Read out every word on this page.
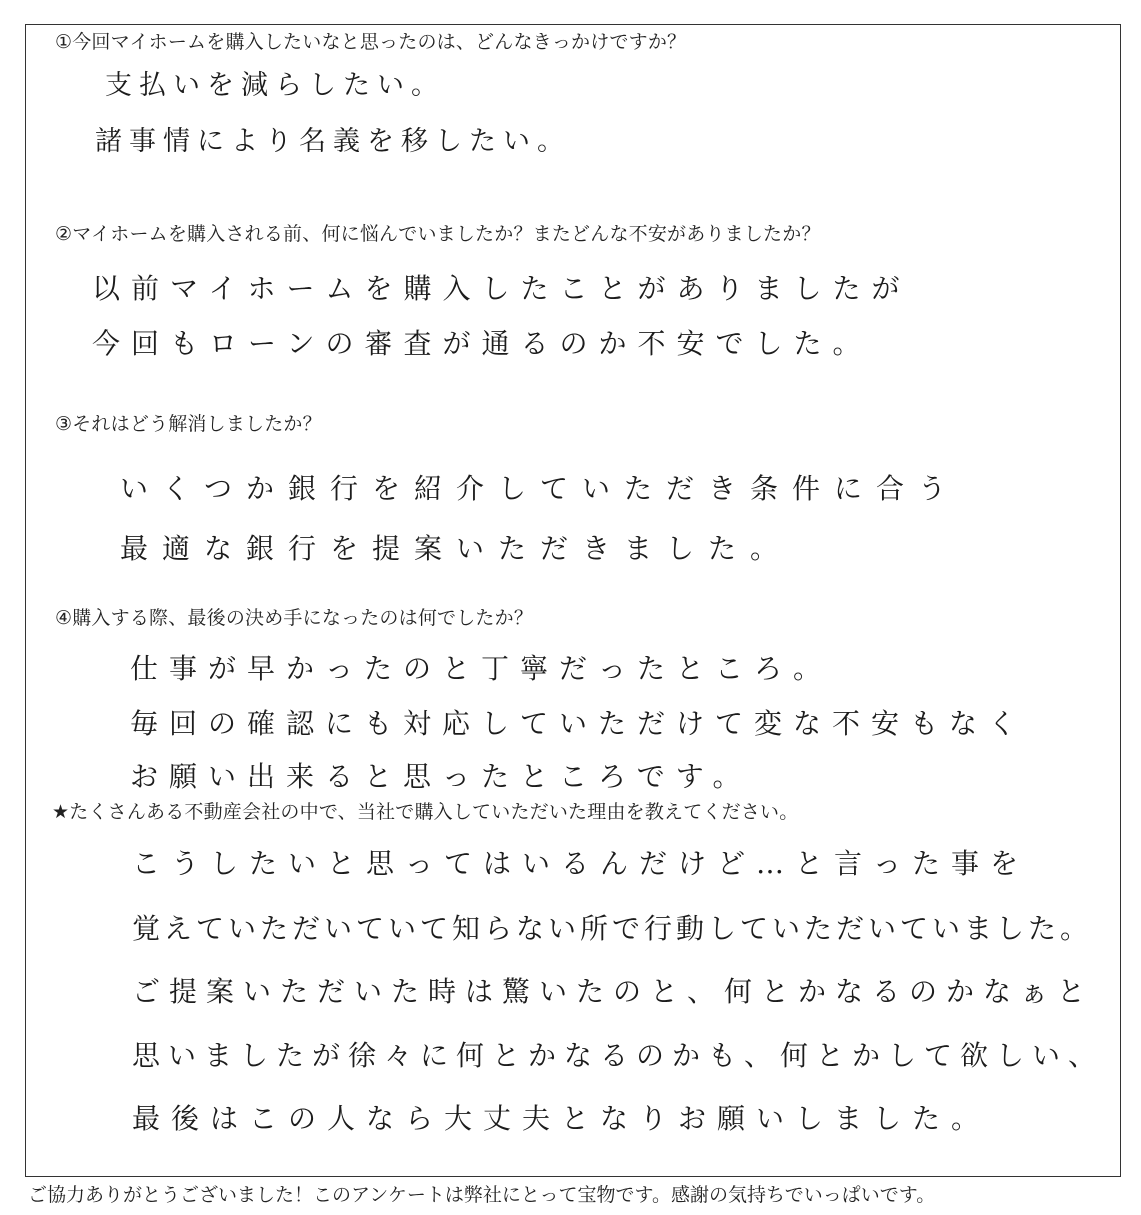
①今回マイホームを購入したいなと思ったのは、どんなきっかけですか？
支払いを減らしたい。
諸事情により名義を移したい。
②マイホームを購入される前、何に悩んでいましたか？またどんな不安がありましたか？
以前マイホームを購入したことがありましたが
今回もローンの審査が通るのか不安でした。
③それはどう解消しましたか？
いくつか銀行を紹介していただき条件に合う
最適な銀行を提案いただきました。
④購入する際、最後の決め手になったのは何でしたか？
仕事が早かったのと丁寧だったところ。
毎回の確認にも対応していただけて変な不安もなく
お願い出来ると思ったところです。
★たくさんある不動産会社の中で、当社で購入していただいた理由を教えてください。
こうしたいと思ってはいるんだけど…と言った事を
覚えていただいていて知らない所で行動していただいていました。
ご提案いただいた時は驚いたのと、何とかなるのかなぁと
思いましたが徐々に何とかなるのかも、何とかして欲しい、
最後はこの人なら大丈夫となりお願いしました。
ご協力ありがとうございました！このアンケートは弊社にとって宝物です。感謝の気持ちでいっぱいです。
